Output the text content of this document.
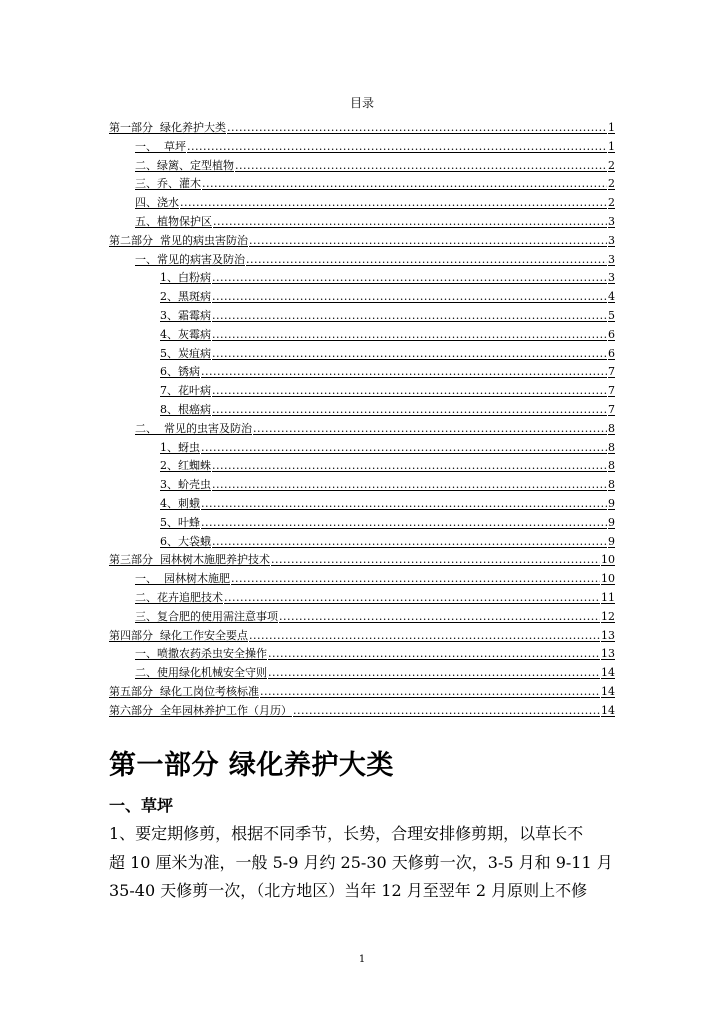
目录
第一部分  绿化养护大类 .....	1
一、  草坪 .....	1
二、绿篱、定型植物 .....	2
三、乔、灌木 .....	2
四、浇水 .....	2
五、植物保护区 .....	3
第二部分  常见的病虫害防治 .....	3
一、常见的病害及防治 .....	3
1、白粉病 .....	3
2、黑斑病 .....	4
3、霜霉病 .....	5
4、灰霉病 .....	6
5、炭疽病 .....	6
6、锈病 .....	7
7、花叶病 .....	7
8、根癌病 .....	7
二、  常见的虫害及防治 .....	8
1、蚜虫 .....	8
2、红蜘蛛 .....	8
3、蚧壳虫 .....	8
4、刺蛾 .....	9
5、叶蜂 .....	9
6、大袋蛾 .....	9
第三部分  园林树木施肥养护技术 .....	10
一、  园林树木施肥 .....	10
二、花卉追肥技术 .....	11
三、复合肥的使用需注意事项 .....	12
第四部分  绿化工作安全要点 .....	13
一、喷撒农药杀虫安全操作 .....	13
二、使用绿化机械安全守则 .....	14
第五部分  绿化工岗位考核标准 .....	14
第六部分  全年园林养护工作（月历） .....	14
第一部分 绿化养护大类
一、草坪
1、要定期修剪，根据不同季节，长势，合理安排修剪期，以草长不
超 10 厘米为准，一般 5-9 月约 25-30 天修剪一次，3-5 月和 9-11 月
35-40 天修剪一次，（北方地区）当年 12 月至翌年 2 月原则上不修
1
